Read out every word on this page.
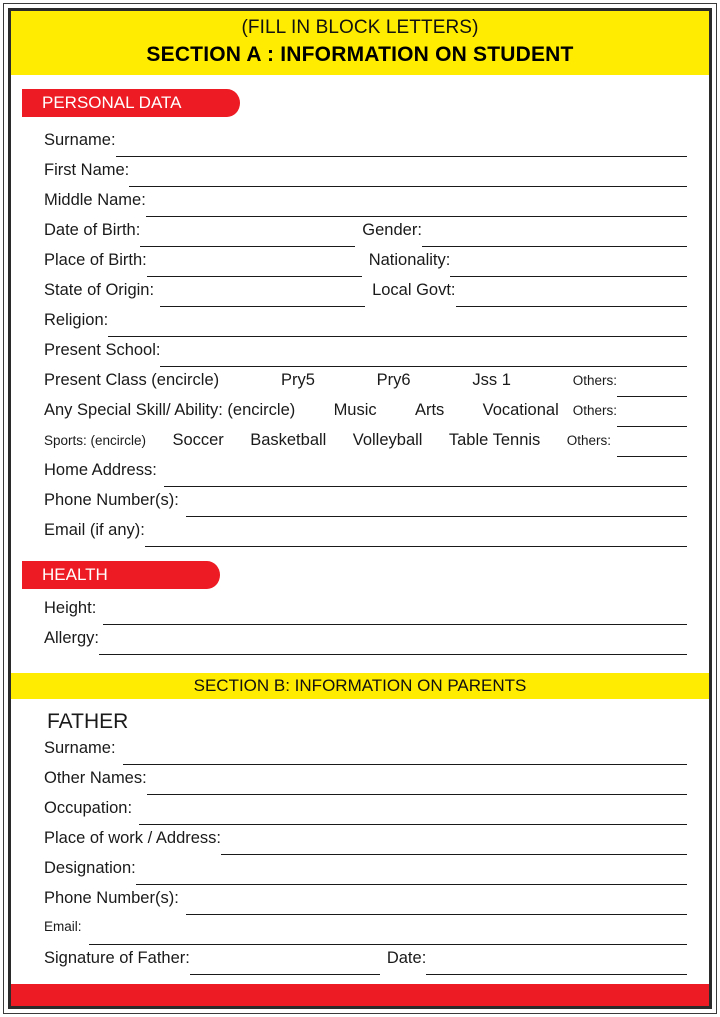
(FILL IN BLOCK LETTERS)
SECTION A : INFORMATION ON STUDENT
PERSONAL DATA
Surname:
First Name:
Middle Name:
Date of Birth:	Gender:
Place of Birth:	Nationality:
State of Origin:	Local Govt:
Religion:
Present School:
Present Class (encircle)	Pry5	Pry6	Jss 1	Others:
Any Special Skill/ Ability: (encircle) Music Arts Vocational	Others:
Sports: (encircle) Soccer Basketball Volleyball Table Tennis Others:
Home Address:
Phone Number(s):
Email (if any):
HEALTH
Height:
Allergy:
SECTION B: INFORMATION ON PARENTS
FATHER
Surname:
Other Names:
Occupation:
Place of work / Address:
Designation:
Phone Number(s):
Email:
Signature of Father:	Date:
